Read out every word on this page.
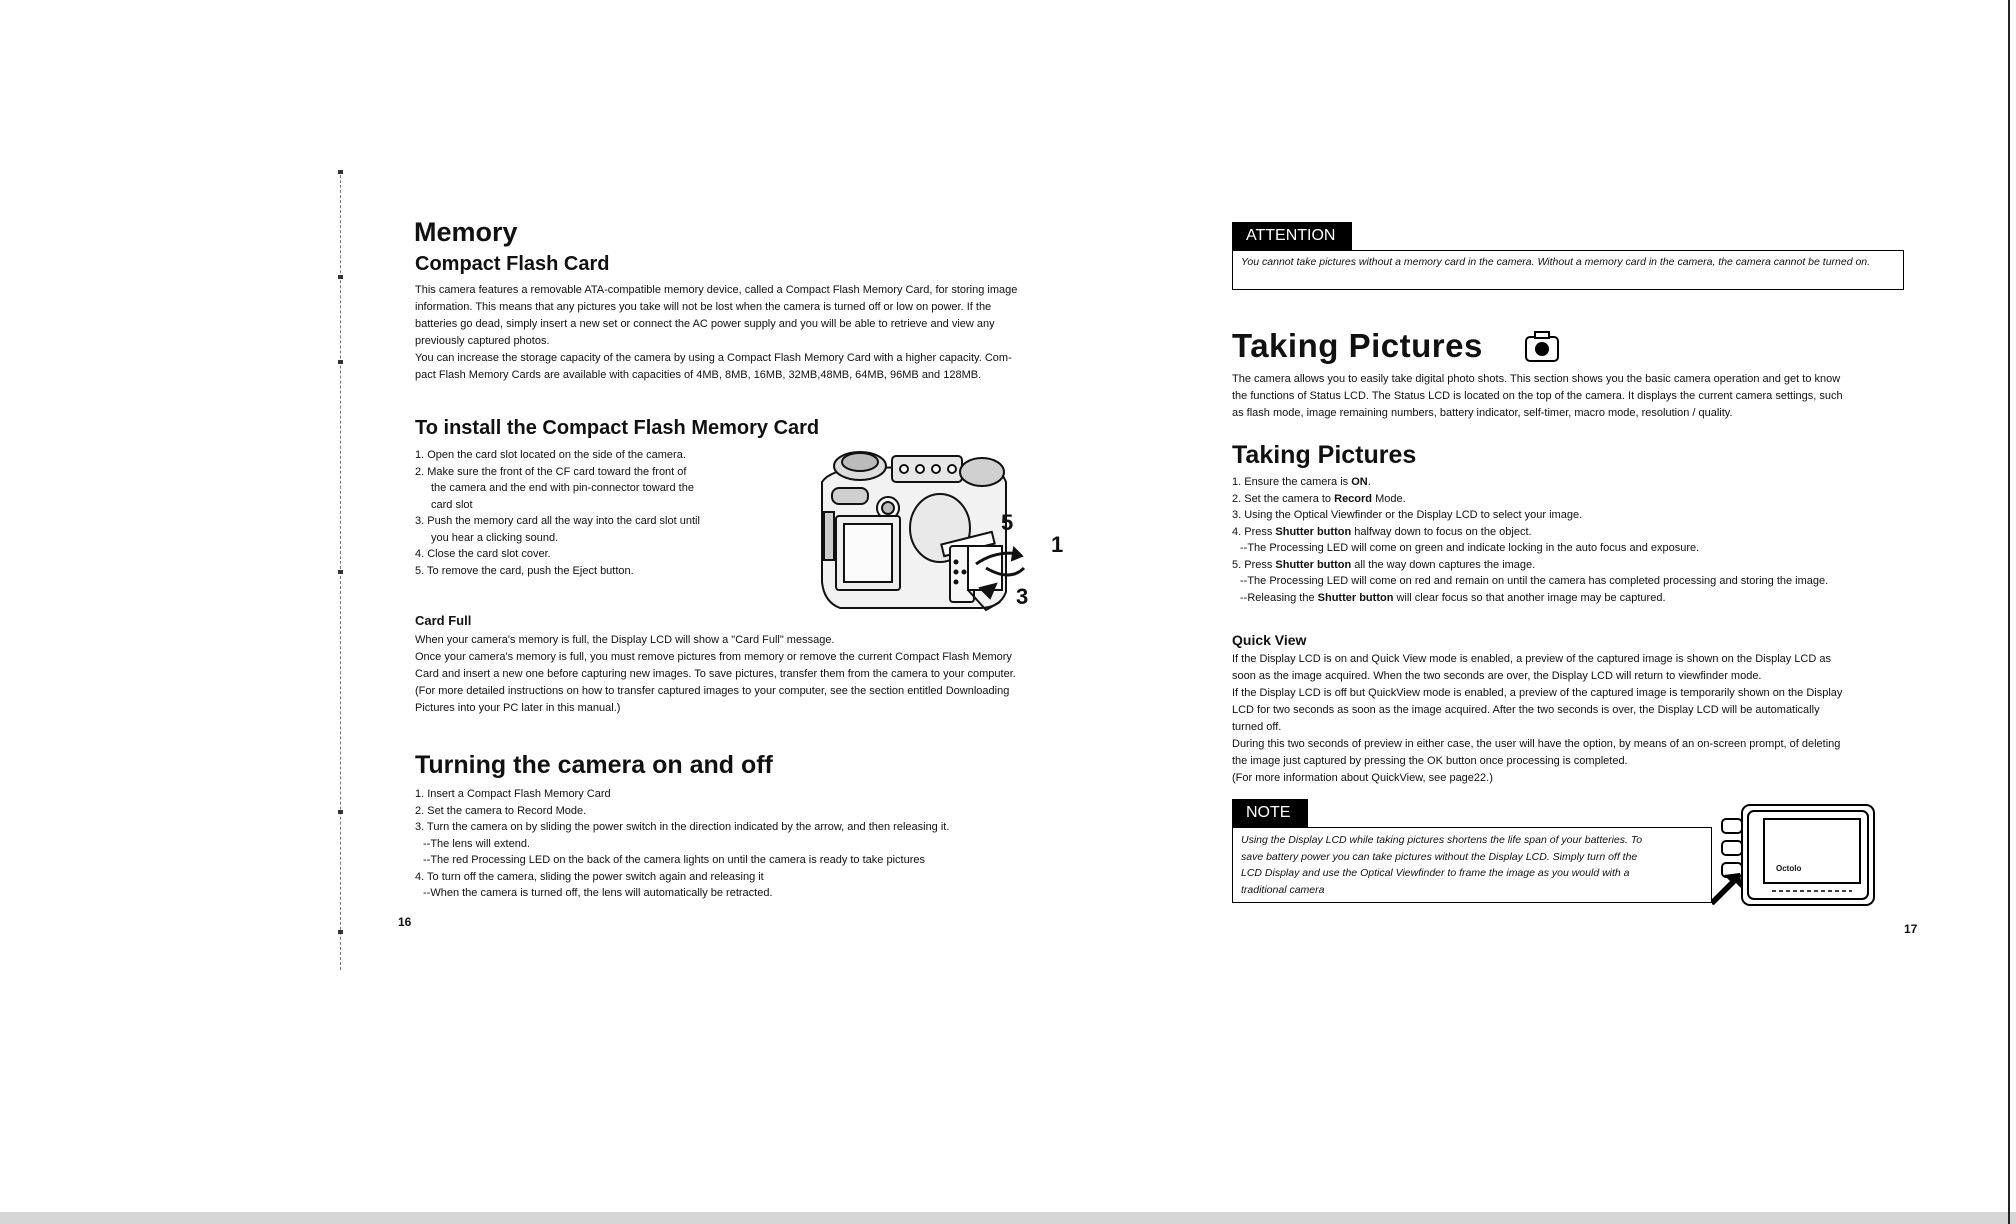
Memory
Compact Flash Card

This camera features a removable ATA-compatible memory device, called a Compact Flash Memory Card, for storing image

information. This means that any pictures you take will not be lost when the camera is turned off or low on power. If the

batteries go dead, simply insert a new set or connect the AC power supply and you will be able to retrieve and view any

previously captured photos.

You can increase the storage capacity of the camera by using a Compact Flash Memory Card with a higher capacity. Com-

pact Flash Memory Cards are available with capacities of 4MB, 8MB, 16MB, 32MB,48MB, 64MB, 96MB and 128MB.

To install the Compact Flash Memory Card
1. Open the card slot located on the side of the camera.
2. Make sure the front of the CF card toward the front of
the camera and the end with pin-connector toward the
card slot
3. Push the memory card all the way into the card slot until
you hear a clicking sound.
4. Close the card slot cover.
5. To remove the card, push the Eject button.
5
1
3
Card Full

When your camera's memory is full, the Display LCD will show a "Card Full" message.

Once your camera's memory is full, you must remove pictures from memory or remove the current Compact Flash Memory

Card and insert a new one before capturing new images. To save pictures, transfer them from the camera to your computer.

(For more detailed instructions on how to transfer captured images to your computer, see the section entitled Downloading

Pictures into your PC later in this manual.)

Turning the camera on and off
1. Insert a Compact Flash Memory Card
2. Set the camera to Record Mode.
3. Turn the camera on by sliding the power switch in the direction indicated by the arrow, and then releasing it.
--The lens will extend.
--The red Processing LED on the back of the camera lights on until the camera is ready to take pictures
4. To turn off the camera, sliding the power switch again and releasing it
--When the camera is turned off, the lens will automatically be retracted.
16
ATTENTION
You cannot take pictures without a memory card in the camera. Without a memory card in the camera, the camera cannot be turned on.
Taking Pictures

The camera allows you to easily take digital photo shots. This section shows you the basic camera operation and get to know

the functions of Status LCD. The Status LCD is located on the top of the camera. It displays the current camera settings, such

as flash mode, image remaining numbers, battery indicator, self-timer, macro mode, resolution / quality.

Taking Pictures
1. Ensure the camera is ON.
2. Set the camera to Record Mode.
3. Using the Optical Viewfinder or the Display LCD to select your image.
4. Press Shutter button halfway down to focus on the object.
--The Processing LED will come on green and indicate locking in the auto focus and exposure.
5. Press Shutter button all the way down captures the image.
--The Processing LED will come on red and remain on until the camera has completed processing and storing the image.
--Releasing the Shutter button will clear focus so that another image may be captured.
Quick View

If the Display LCD is on and Quick View mode is enabled, a preview of the captured image is shown on the Display LCD as

soon as the image acquired. When the two seconds are over, the Display LCD will return to viewfinder mode.

If the Display LCD is off but QuickView mode is enabled, a preview of the captured image is temporarily shown on the Display

LCD for two seconds as soon as the image acquired. After the two seconds is over, the Display LCD will be automatically

turned off.

During this two seconds of preview in either case, the user will have the option, by means of an on-screen prompt, of deleting

the image just captured by pressing the OK button once processing is completed.

(For more information about QuickView, see page22.)

NOTE
Using the Display LCD while taking pictures shortens the life span of your batteries. To
save battery power you can take pictures without the Display LCD. Simply turn off the
LCD Display and use the Optical Viewfinder to frame the image as you would with a
traditional camera
Octolo
17
